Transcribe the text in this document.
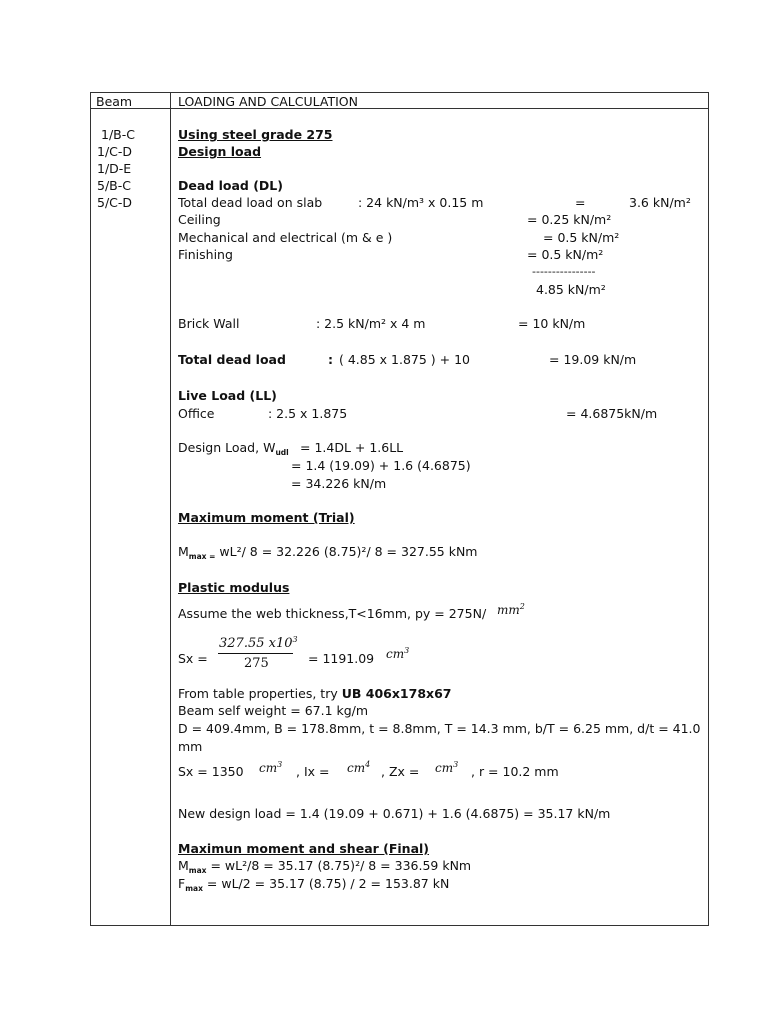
Beam	LOADING AND CALCULATION
1/B-C
1/C-D
1/D-E
5/B-C
5/C-D
Using steel grade 275
Design load
Dead load (DL)
Total dead load on slab	: 24 kN/m³ x 0.15 m	=	3.6 kN/m²
Ceiling	= 0.25 kN/m²
Mechanical and electrical (m & e )	= 0.5 kN/m²
Finishing	= 0.5 kN/m²
----------------
4.85 kN/m²
Brick Wall	: 2.5 kN/m² x 4 m	= 10 kN/m
Total dead load	: ( 4.85 x 1.875 ) + 10	= 19.09 kN/m
Live Load (LL)
Office	: 2.5 x 1.875	= 4.6875kN/m
Design Load, $W_{udl} = 1.4DL + 1.6LL$
= 1.4 (19.09) + 1.6 (4.6875)
= 34.226 kN/m
Maximum moment (Trial)
$M_{max =}$ wL²/ 8 = 32.226 (8.75)²/ 8 = 327.55 kNm
Plastic modulus
Assume the web thickness,T<16mm, py = 275N/ $mm^2$
Sx =
327.55 $x10^3$
275	= 1191.09 $cm^3$
From table properties, try UB 406x178x67
Beam self weight = 67.1 kg/m
D = 409.4mm, B = 178.8mm, t = 8.8mm, T = 14.3 mm, b/T = 6.25 mm, d/t = 41.0
mm
Sx = 1350 $cm^3$ , $Ix = cm^4$ , $Zx = cm^3$ , r = 10.2 mm
New design load = 1.4 (19.09 + 0.671) + 1.6 (4.6875) = 35.17 kN/m
Maximun moment and shear (Final)
$M_{max} = wL^2/8 = 35.17$ (8.75)²/ 8 = 336.59 kNm
$F_{max} = wL/2 = 35.17$ (8.75) / 2 = 153.87 kN
